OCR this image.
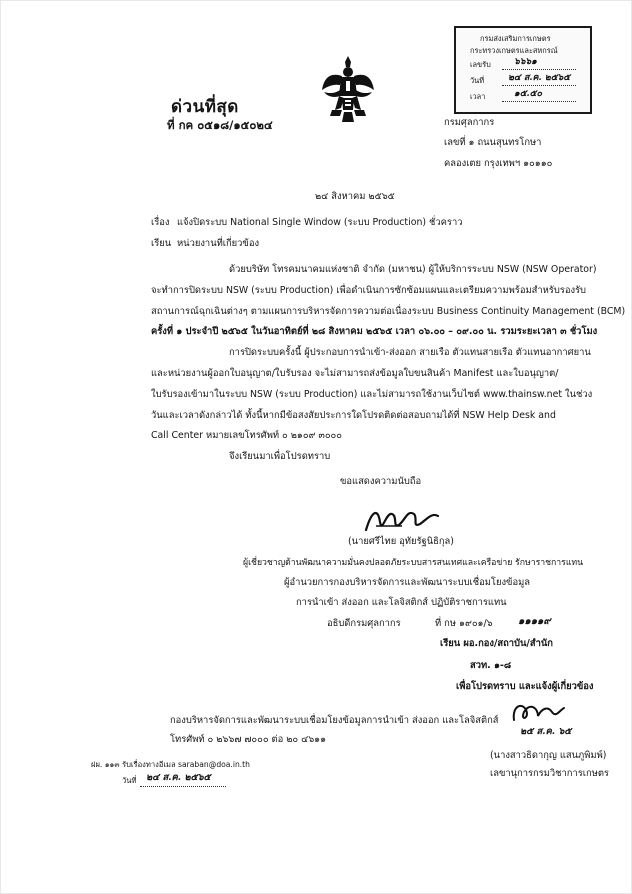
ด่วนที่สุด
ที่ กค ๐๕๑๘/๑๕๐๒๔
กรมส่งเสริมการเกษตร
กระทรวงเกษตรและสหกรณ์
เลขรับ	๖๖๖๑
วันที่	๒๔ ส.ค. ๒๕๖๕
เวลา	๑๕.๕๐
กรมศุลกากร
เลขที่ ๑ ถนนสุนทรโกษา
คลองเตย กรุงเทพฯ ๑๐๑๑๐
๒๔ สิงหาคม ๒๕๖๕
เรื่อง แจ้งปิดระบบ National Single Window (ระบบ Production) ชั่วคราว
เรียน หน่วยงานที่เกี่ยวข้อง
ด้วยบริษัท โทรคมนาคมแห่งชาติ จำกัด (มหาชน) ผู้ให้บริการระบบ NSW (NSW Operator)
จะทำการปิดระบบ NSW (ระบบ Production) เพื่อดำเนินการซักซ้อมแผนและเตรียมความพร้อมสำหรับรองรับ
สถานการณ์ฉุกเฉินต่างๆ ตามแผนการบริหารจัดการความต่อเนื่องระบบ Business Continuity Management (BCM)
ครั้งที่ ๑ ประจำปี ๒๕๖๕ ในวันอาทิตย์ที่ ๒๘ สิงหาคม ๒๕๖๕ เวลา ๐๖.๐๐ – ๐๙.๐๐ น. รวมระยะเวลา ๓ ชั่วโมง
การปิดระบบครั้งนี้ ผู้ประกอบการนำเข้า-ส่งออก สายเรือ ตัวแทนสายเรือ ตัวแทนอากาศยาน
และหน่วยงานผู้ออกใบอนุญาต/ใบรับรอง จะไม่สามารถส่งข้อมูลใบขนสินค้า Manifest และใบอนุญาต/
ใบรับรองเข้ามาในระบบ NSW (ระบบ Production) และไม่สามารถใช้งานเว็บไซต์ www.thainsw.net ในช่วง
วันและเวลาดังกล่าวได้ ทั้งนี้หากมีข้อสงสัยประการใดโปรดติดต่อสอบถามได้ที่ NSW Help Desk and
Call Center หมายเลขโทรศัพท์ ๐ ๒๑๐๙ ๓๐๐๐
จึงเรียนมาเพื่อโปรดทราบ
ขอแสดงความนับถือ
(นายศรีไทย อุทัยรัฐนิธิกุล)
ผู้เชี่ยวชาญด้านพัฒนาความมั่นคงปลอดภัยระบบสารสนเทศและเครือข่าย รักษาราชการแทน
ผู้อำนวยการกองบริหารจัดการและพัฒนาระบบเชื่อมโยงข้อมูล
การนำเข้า ส่งออก และโลจิสติกส์ ปฏิบัติราชการแทน
อธิบดีกรมศุลกากร	ที่ กษ ๑๙๐๑/๖	๑๑๑๑๙
เรียน ผอ.กอง/สถาบัน/สำนัก
สวท. ๑-๘
เพื่อโปรดทราบ และแจ้งผู้เกี่ยวข้อง
๒๕ ส.ค. ๖๕
(นางสาวธิดากุญ แสนภูพิมพ์)
เลขานุการกรมวิชาการเกษตร
กองบริหารจัดการและพัฒนาระบบเชื่อมโยงข้อมูลการนำเข้า ส่งออก และโลจิสติกส์
โทรศัพท์ ๐ ๒๖๖๗ ๗๐๐๐ ต่อ ๒๐ ๔๖๑๑
ฝผ. ๑๑๓ รับเรื่องทางอีเมล saraban@doa.in.th
วันที่ ๒๔ ส.ค. ๒๕๖๕
